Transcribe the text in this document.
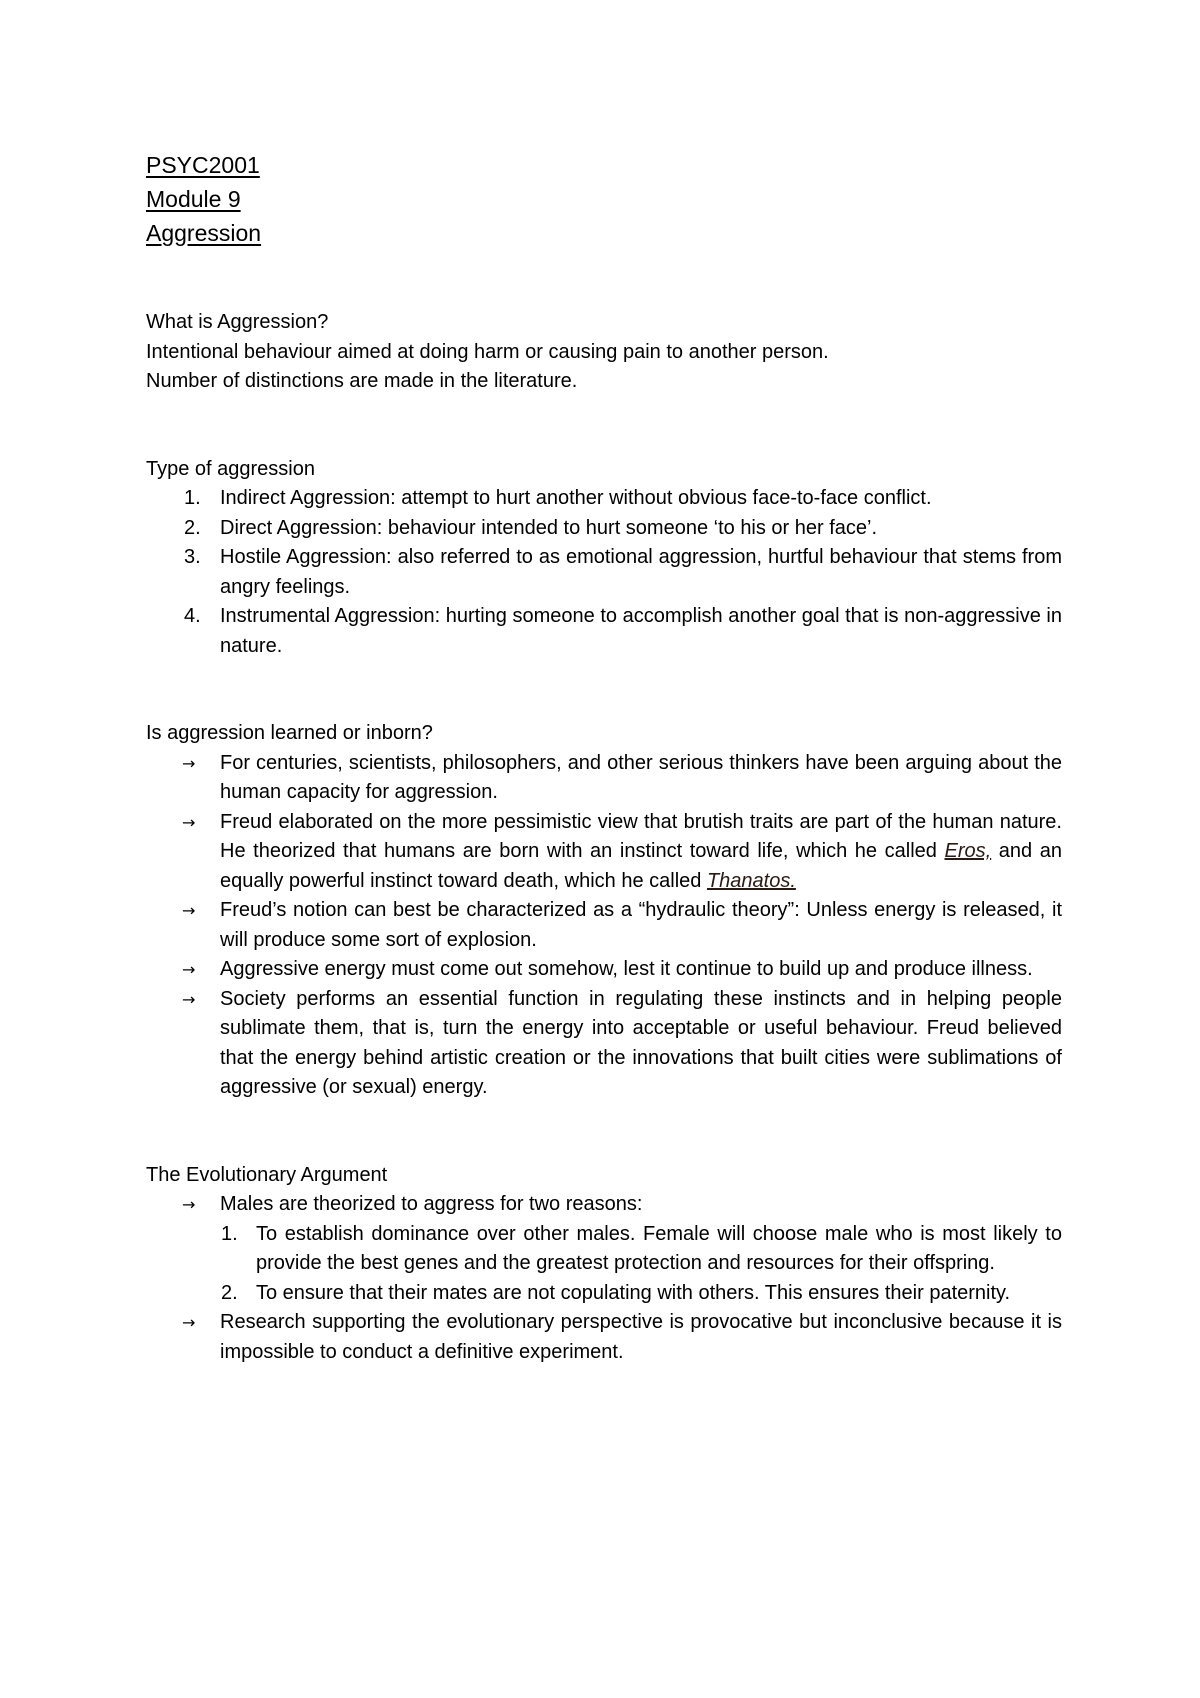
PSYC2001
Module 9
Aggression

What is Aggression?

Intentional behaviour aimed at doing harm or causing pain to another person.

Number of distinctions are made in the literature.

Type of aggression

1. Indirect Aggression: attempt to hurt another without obvious face-to-face conflict.
2. Direct Aggression: behaviour intended to hurt someone ‘to his or her face’.
3. Hostile Aggression: also referred to as emotional aggression, hurtful behaviour that stems from angry feelings.
4. Instrumental Aggression: hurting someone to accomplish another goal that is non-aggressive in nature.

Is aggression learned or inborn?

→ For centuries, scientists, philosophers, and other serious thinkers have been arguing about the human capacity for aggression.
→ Freud elaborated on the more pessimistic view that brutish traits are part of the human nature. He theorized that humans are born with an instinct toward life, which he called Eros, and an equally powerful instinct toward death, which he called Thanatos.
→ Freud’s notion can best be characterized as a “hydraulic theory”: Unless energy is released, it will produce some sort of explosion.
→ Aggressive energy must come out somehow, lest it continue to build up and produce illness.
→ Society performs an essential function in regulating these instincts and in helping people sublimate them, that is, turn the energy into acceptable or useful behaviour. Freud believed that the energy behind artistic creation or the innovations that built cities were sublimations of aggressive (or sexual) energy.

The Evolutionary Argument

→ Males are theorized to aggress for two reasons:
1. To establish dominance over other males. Female will choose male who is most likely to provide the best genes and the greatest protection and resources for their offspring.
2. To ensure that their mates are not copulating with others. This ensures their paternity.
→ Research supporting the evolutionary perspective is provocative but inconclusive because it is impossible to conduct a definitive experiment.
